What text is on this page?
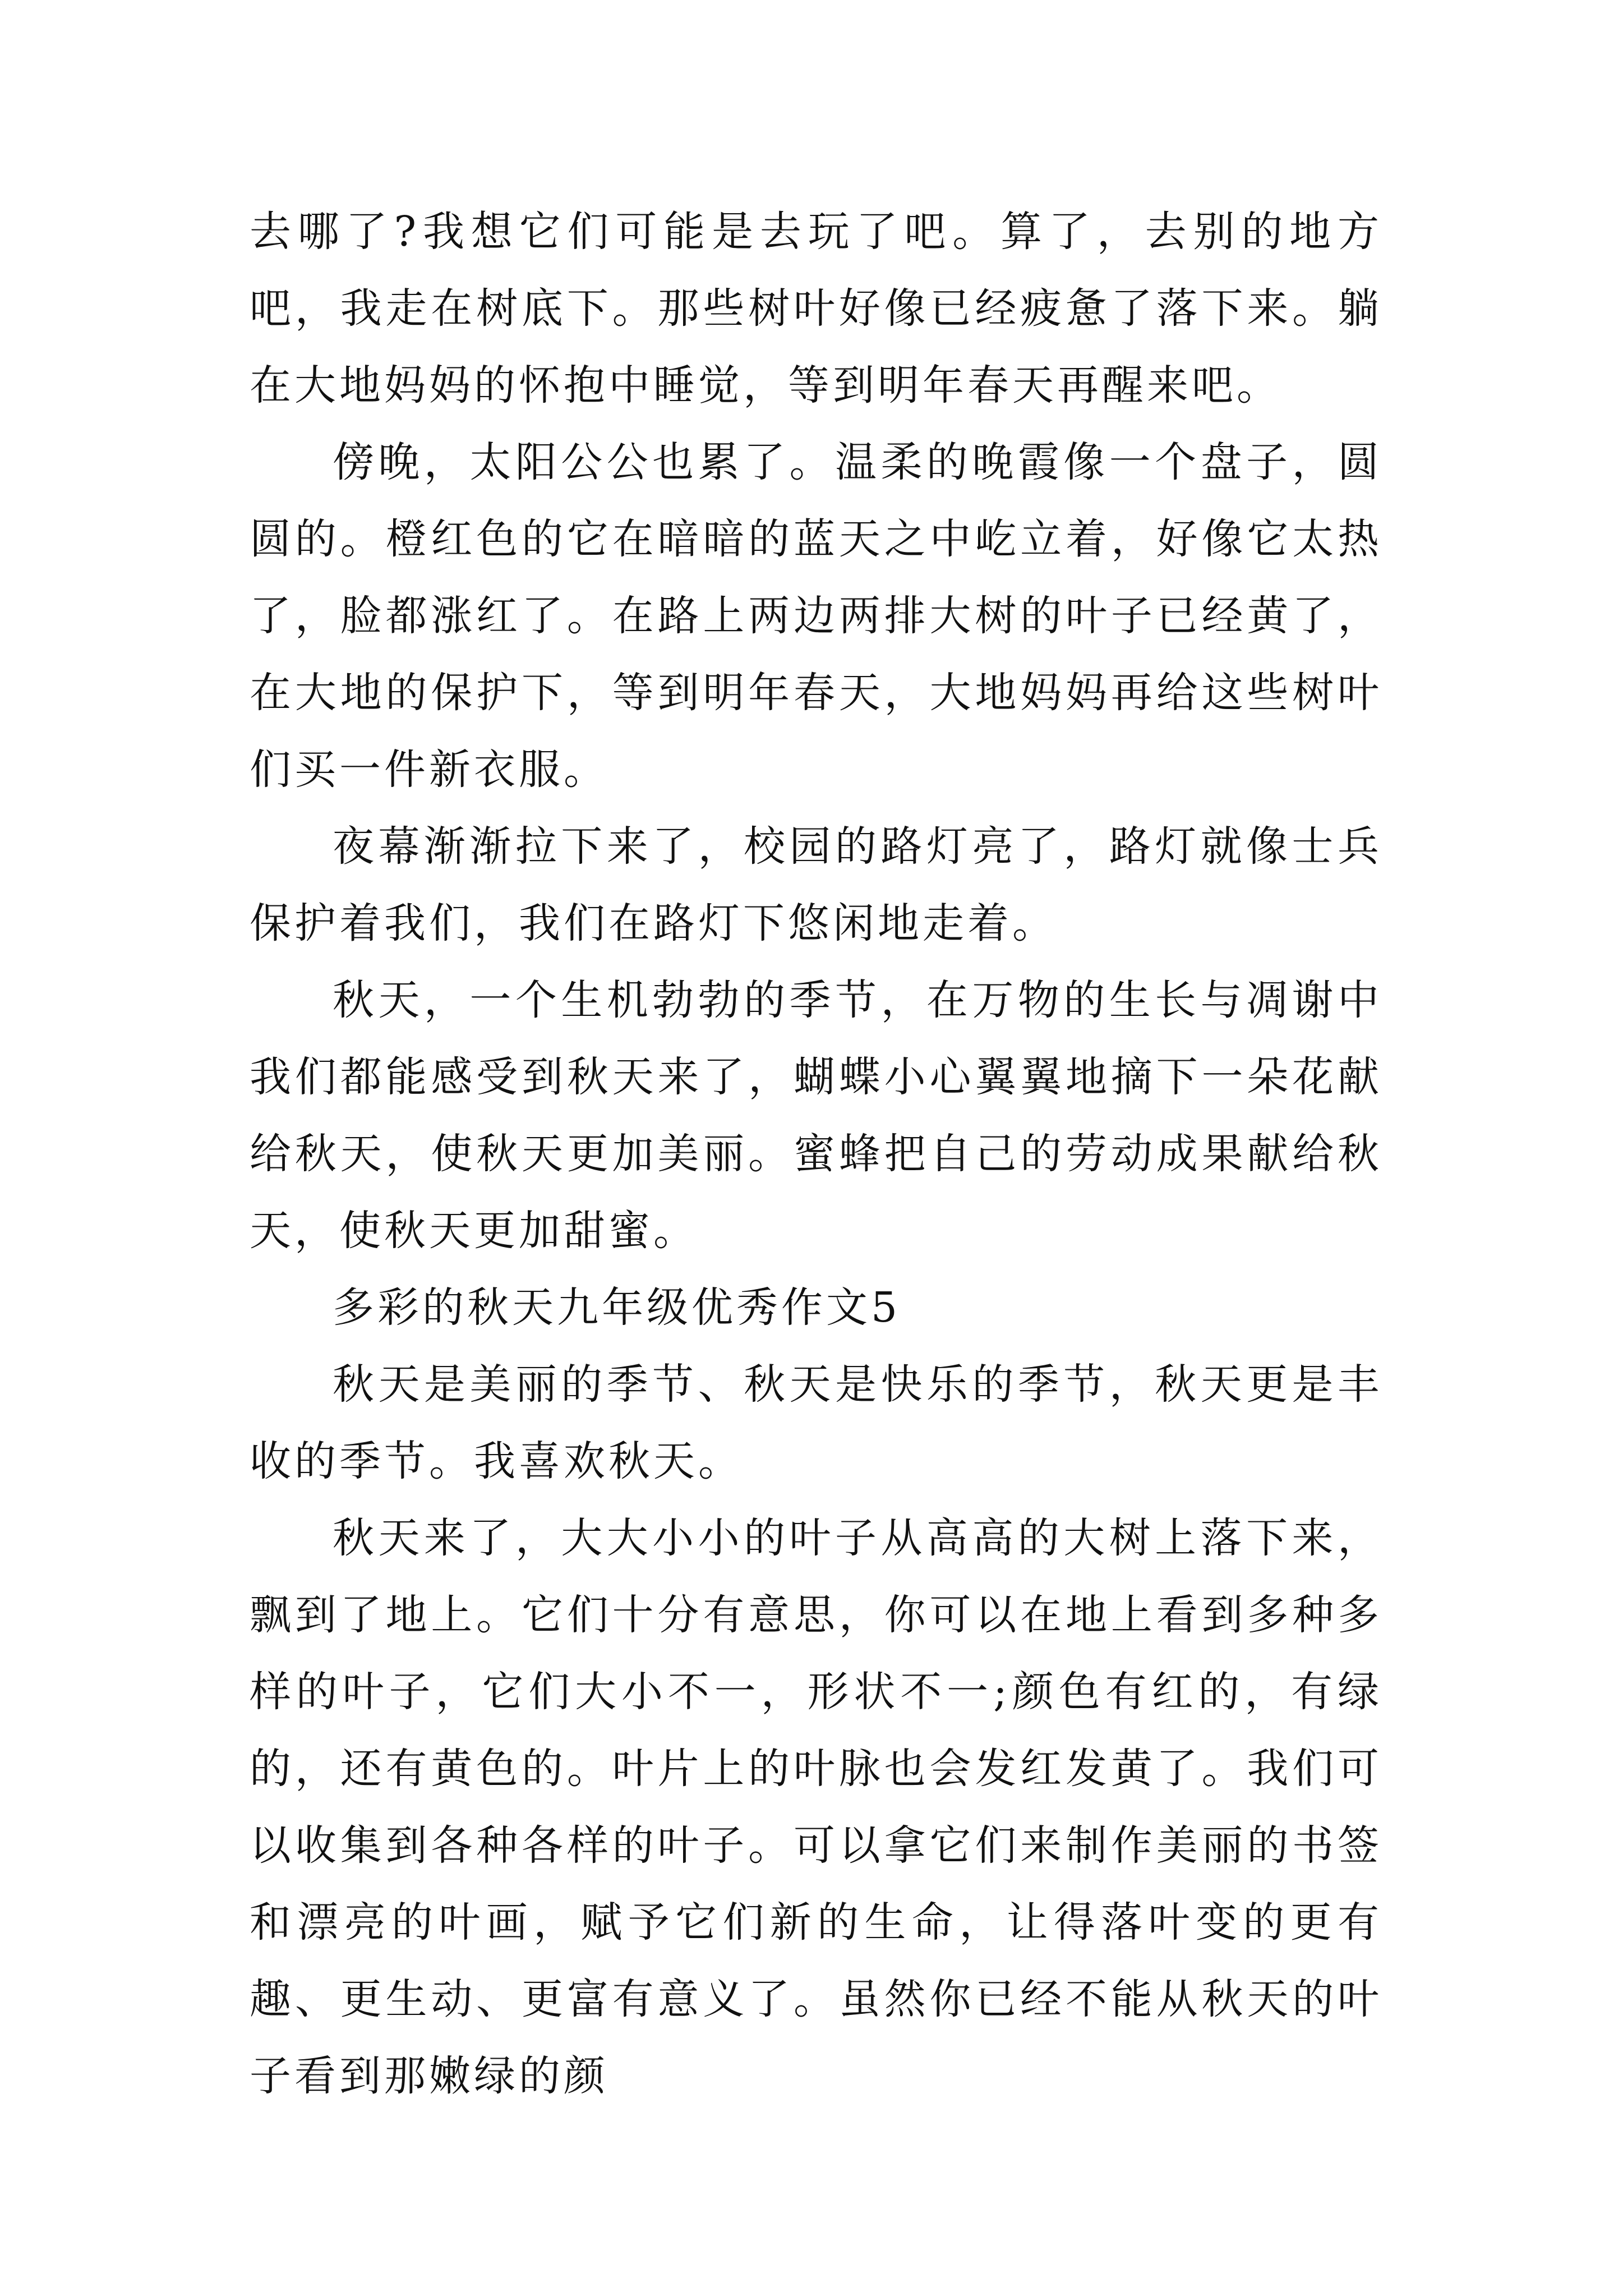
去哪了?我想它们可能是去玩了吧。算了，去别的地方吧，我走在树底下。那些树叶好像已经疲惫了落下来。躺在大地妈妈的怀抱中睡觉，等到明年春天再醒来吧。

傍晚，太阳公公也累了。温柔的晚霞像一个盘子，圆圆的。橙红色的它在暗暗的蓝天之中屹立着，好像它太热了，脸都涨红了。在路上两边两排大树的叶子已经黄了，在大地的保护下，等到明年春天，大地妈妈再给这些树叶们买一件新衣服。

夜幕渐渐拉下来了，校园的路灯亮了，路灯就像士兵保护着我们，我们在路灯下悠闲地走着。

秋天，一个生机勃勃的季节，在万物的生长与凋谢中我们都能感受到秋天来了，蝴蝶小心翼翼地摘下一朵花献给秋天，使秋天更加美丽。蜜蜂把自己的劳动成果献给秋天，使秋天更加甜蜜。

多彩的秋天九年级优秀作文5

秋天是美丽的季节、秋天是快乐的季节，秋天更是丰收的季节。我喜欢秋天。

秋天来了，大大小小的叶子从高高的大树上落下来，飘到了地上。它们十分有意思，你可以在地上看到多种多样的叶子，它们大小不一，形状不一;颜色有红的，有绿的，还有黄色的。叶片上的叶脉也会发红发黄了。我们可以收集到各种各样的叶子。可以拿它们来制作美丽的书签和漂亮的叶画，赋予它们新的生命，让得落叶变的更有趣、更生动、更富有意义了。虽然你已经不能从秋天的叶子看到那嫩绿的颜
